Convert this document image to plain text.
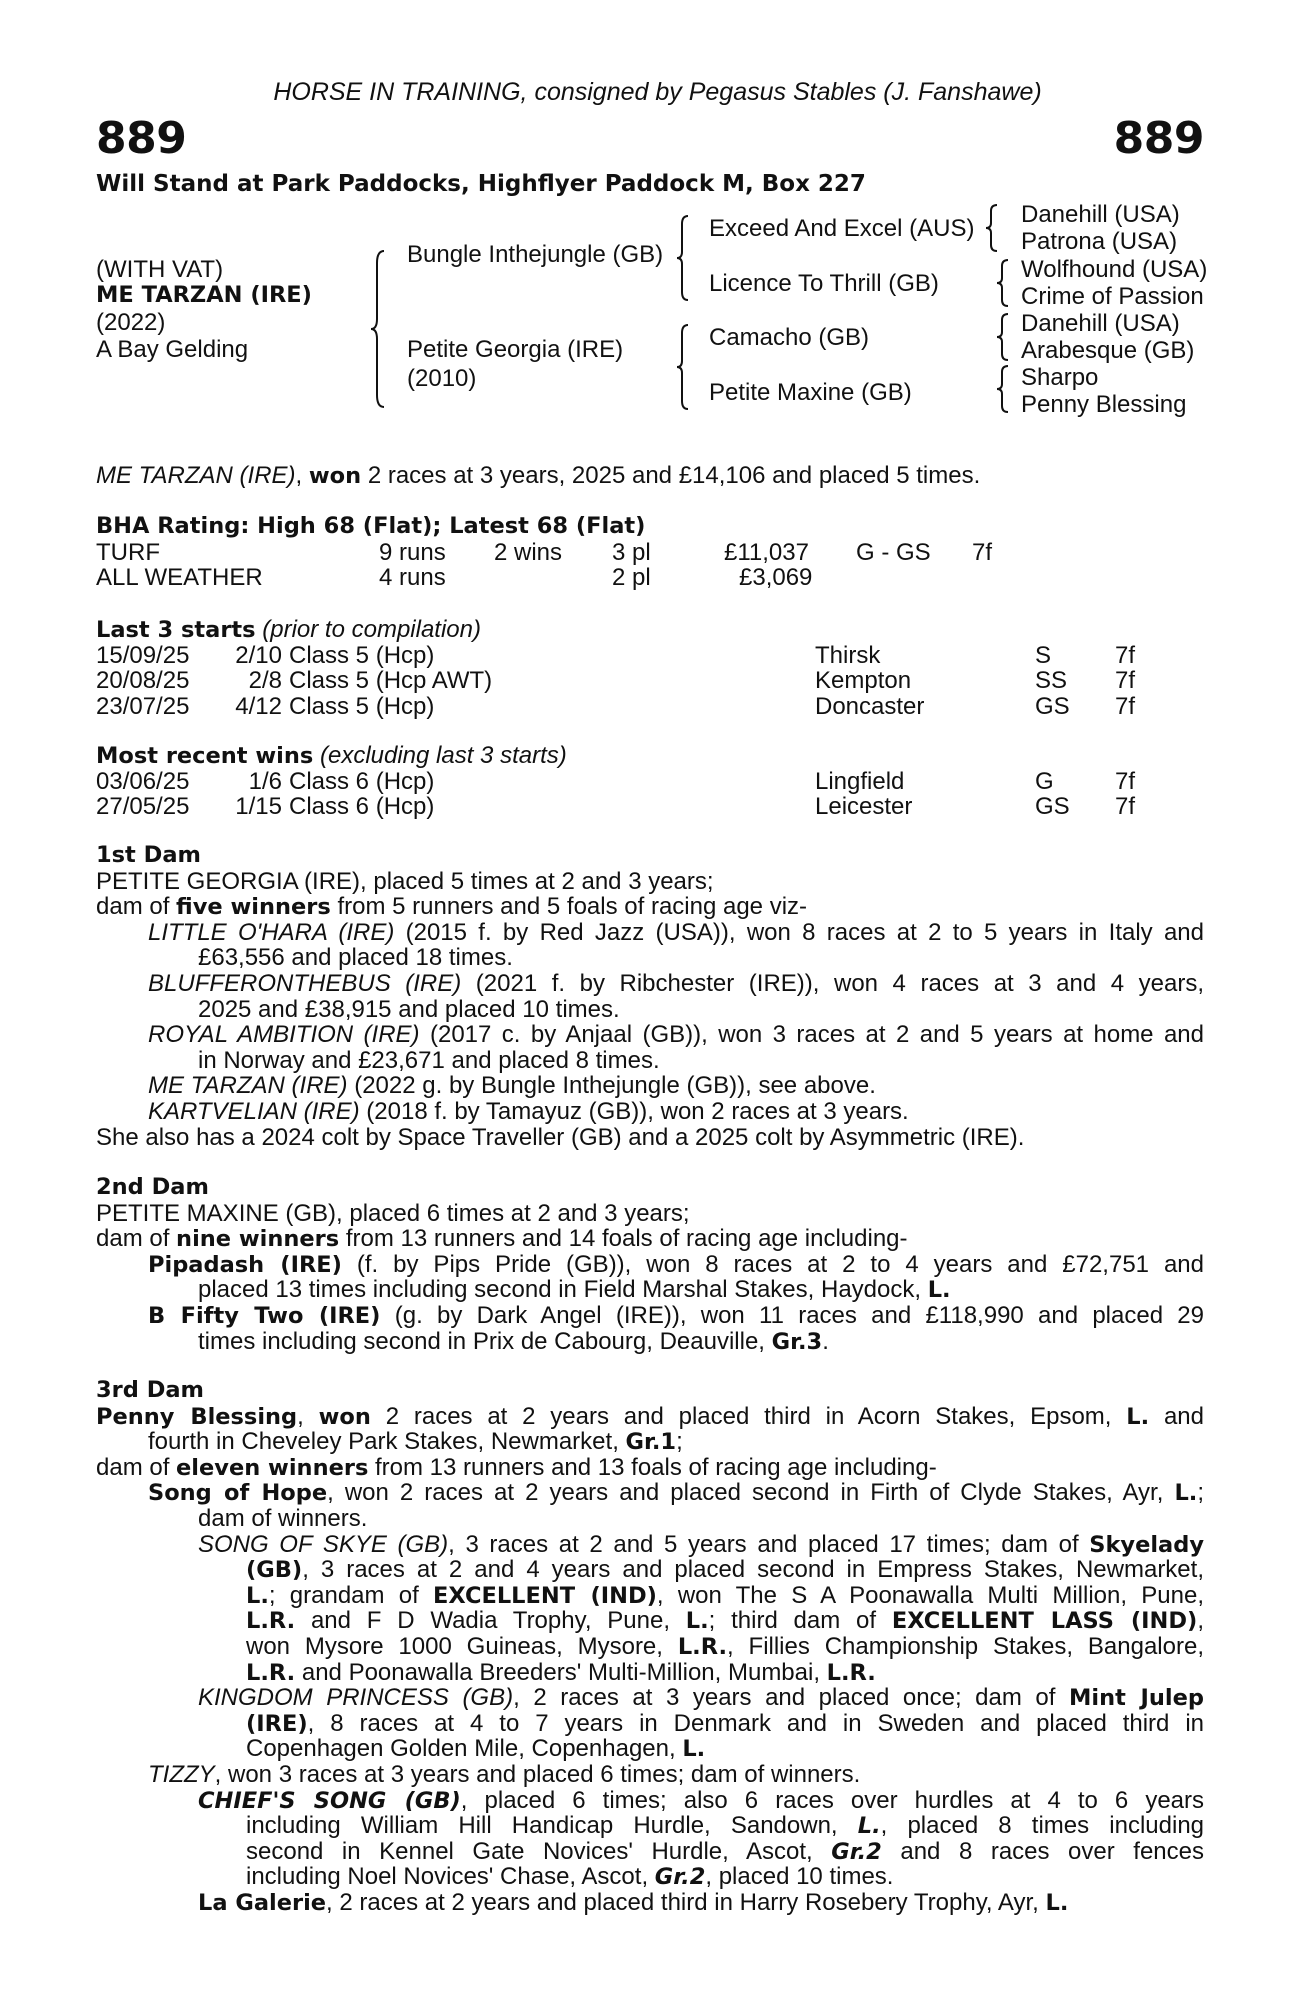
HORSE IN TRAINING, consigned by Pegasus Stables (J. Fanshawe)
889	889
Will Stand at Park Paddocks, Highflyer Paddock M, Box 227
(WITH VAT)
ME TARZAN (IRE)
(2022)
A Bay Gelding
Bungle Inthejungle (GB)
Petite Georgia (IRE)
(2010)
Exceed And Excel (AUS)
Licence To Thrill (GB)
Camacho (GB)
Petite Maxine (GB)
Danehill (USA)
Patrona (USA)
Wolfhound (USA)
Crime of Passion
Danehill (USA)
Arabesque (GB)
Sharpo
Penny Blessing
ME TARZAN (IRE), won 2 races at 3 years, 2025 and £14,106 and placed 5 times.
BHA Rating: High 68 (Flat); Latest 68 (Flat)
TURF	9 runs 2 wins 3 pl	£11,037 G - GS 7f
ALL WEATHER	4 runs	2 pl	£3,069
Last 3 starts (prior to compilation)
15/09/25	2/10 Class 5 (Hcp)	Thirsk	S	7f
20/08/25	2/8 Class 5 (Hcp AWT)	Kempton	SS 7f
23/07/25	4/12 Class 5 (Hcp)	Doncaster	GS 7f
Most recent wins (excluding last 3 starts)
03/06/25	1/6 Class 6 (Hcp)	Lingfield	G	7f
27/05/25	1/15 Class 6 (Hcp)	Leicester	GS 7f
1st Dam
PETITE GEORGIA (IRE), placed 5 times at 2 and 3 years;
dam of five winners from 5 runners and 5 foals of racing age viz-
LITTLE O'HARA (IRE) (2015 f. by Red Jazz (USA)), won 8 races at 2 to 5 years in Italy and
£63,556 and placed 18 times.
BLUFFERONTHEBUS (IRE) (2021 f. by Ribchester (IRE)), won 4 races at 3 and 4 years,
2025 and £38,915 and placed 10 times.
ROYAL AMBITION (IRE) (2017 c. by Anjaal (GB)), won 3 races at 2 and 5 years at home and
in Norway and £23,671 and placed 8 times.
ME TARZAN (IRE) (2022 g. by Bungle Inthejungle (GB)), see above.
KARTVELIAN (IRE) (2018 f. by Tamayuz (GB)), won 2 races at 3 years.
She also has a 2024 colt by Space Traveller (GB) and a 2025 colt by Asymmetric (IRE).
2nd Dam
PETITE MAXINE (GB), placed 6 times at 2 and 3 years;
dam of nine winners from 13 runners and 14 foals of racing age including-
Pipadash (IRE) (f. by Pips Pride (GB)), won 8 races at 2 to 4 years and £72,751 and
placed 13 times including second in Field Marshal Stakes, Haydock, L.
B Fifty Two (IRE) (g. by Dark Angel (IRE)), won 11 races and £118,990 and placed 29
times including second in Prix de Cabourg, Deauville, Gr.3.
3rd Dam
Penny Blessing, won 2 races at 2 years and placed third in Acorn Stakes, Epsom, L. and
fourth in Cheveley Park Stakes, Newmarket, Gr.1;
dam of eleven winners from 13 runners and 13 foals of racing age including-
Song of Hope, won 2 races at 2 years and placed second in Firth of Clyde Stakes, Ayr, L.;
dam of winners.
SONG OF SKYE (GB), 3 races at 2 and 5 years and placed 17 times; dam of Skyelady
(GB), 3 races at 2 and 4 years and placed second in Empress Stakes, Newmarket,
L.; grandam of EXCELLENT (IND), won The S A Poonawalla Multi Million, Pune,
L.R. and F D Wadia Trophy, Pune, L.; third dam of EXCELLENT LASS (IND),
won Mysore 1000 Guineas, Mysore, L.R., Fillies Championship Stakes, Bangalore,
L.R. and Poonawalla Breeders' Multi-Million, Mumbai, L.R.
KINGDOM PRINCESS (GB), 2 races at 3 years and placed once; dam of Mint Julep
(IRE), 8 races at 4 to 7 years in Denmark and in Sweden and placed third in
Copenhagen Golden Mile, Copenhagen, L.
TIZZY, won 3 races at 3 years and placed 6 times; dam of winners.
CHIEF'S SONG (GB), placed 6 times; also 6 races over hurdles at 4 to 6 years
including William Hill Handicap Hurdle, Sandown, L., placed 8 times including
second in Kennel Gate Novices' Hurdle, Ascot, Gr.2 and 8 races over fences
including Noel Novices' Chase, Ascot, Gr.2, placed 10 times.
La Galerie, 2 races at 2 years and placed third in Harry Rosebery Trophy, Ayr, L.
